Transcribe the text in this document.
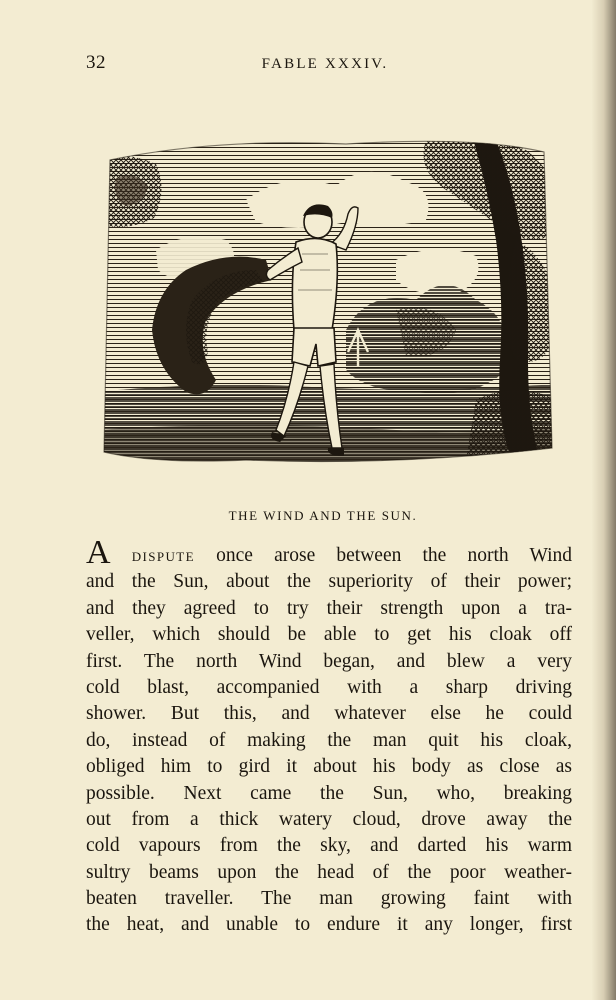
32	FABLE XXXIV.
THE WIND AND THE SUN.
A DISPUTE once arose between the north Wind
and the Sun, about the superiority of their power;
and they agreed to try their strength upon a tra-
veller, which should be able to get his cloak off
first. The north Wind began, and blew a very
cold blast, accompanied with a sharp driving
shower. But this, and whatever else he could
do, instead of making the man quit his cloak,
obliged him to gird it about his body as close as
possible. Next came the Sun, who, breaking
out from a thick watery cloud, drove away the
cold vapours from the sky, and darted his warm
sultry beams upon the head of the poor weather-
beaten traveller. The man growing faint with
the heat, and unable to endure it any longer, first
